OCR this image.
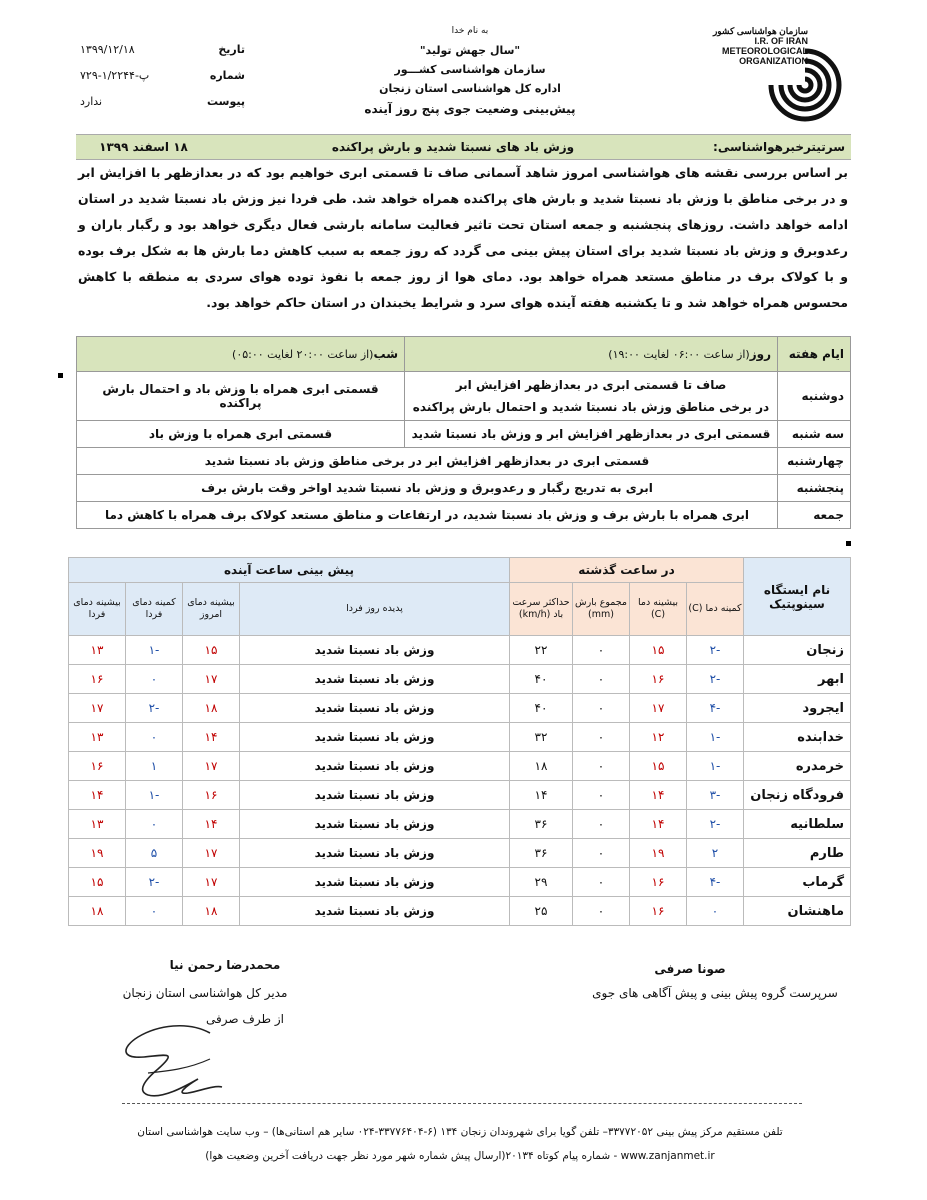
سازمان هواشناسی کشور
I.R. OF IRAN
METEOROLOGICAL
ORGANIZATION
به نام خدا
"سال جهش تولید"
سازمان هواشناسی کشـــور
اداره کل هواشناسی استان زنجان
پیش‌بینی وضعیت جوی پنج روز آینده
تاریخ
۱۳۹۹/۱۲/۱۸
شماره
۷۲۹-۱/۲۲۴۴-پ
پیوست
ندارد
سرتیترخبرهواشناسی:
وزش باد های نسبتا شدید و بارش پراکنده
۱۸ اسفند ۱۳۹۹
بر اساس بررسی نقشه های هواشناسی امروز شاهد آسمانی صاف تا قسمتی ابری خواهیم بود که در بعدازظهر با افزایش ابر و در برخی مناطق با وزش باد نسبتا شدید و بارش های پراکنده همراه خواهد شد. طی فردا نیز وزش باد نسبتا شدید در استان ادامه خواهد داشت. روزهای پنجشنبه و جمعه استان تحت تاثیر فعالیت سامانه بارشی فعال دیگری خواهد بود و رگبار باران و رعدوبرق و وزش باد نسبتا شدید برای استان پیش بینی می گردد که روز جمعه به سبب کاهش دما بارش ها به شکل برف بوده و با کولاک برف در مناطق مستعد همراه خواهد بود. دمای هوا از روز جمعه با نفوذ توده هوای سردی به منطقه با کاهش محسوس همراه خواهد شد و تا یکشنبه هفته آینده هوای سرد و شرایط یخبندان در استان حاکم خواهد بود.
ایام هفته	روز(از ساعت ۰۶:۰۰ لغایت ۱۹:۰۰)	شب(از ساعت ۲۰:۰۰ لغایت ۰۵:۰۰)
دوشنبه	صاف تا قسمتی ابری در بعدازظهر افزایش ابر
در برخی مناطق وزش باد نسبتا شدید و احتمال بارش پراکنده	قسمتی ابری همراه با وزش باد و احتمال بارش پراکنده
سه شنبه	قسمتی ابری در بعدازظهر افزایش ابر و وزش باد نسبتا شدید	قسمتی ابری همراه با وزش باد
چهارشنبه	قسمتی ابری در بعدازظهر افزایش ابر در برخی مناطق وزش باد نسبتا شدید	
پنجشنبه	ابری به تدریج رگبار و رعدوبرق و وزش باد نسبتا شدید اواخر وقت بارش برف	
جمعه	ابری همراه با بارش برف و وزش باد نسبتا شدید، در ارتفاعات و مناطق مستعد کولاک برف همراه با کاهش دما	
نام ایستگاه سینوپتیک	در ساعت گذشته				پیش بینی ساعت آینده			
	کمینه دما (C)	بیشینه دما (C)	مجموع بارش (mm)	حداکثر سرعت باد (km/h)	پدیده روز فردا	بیشینه دمای امروز	کمینه دمای فردا	بیشینه دمای فردا
زنجان	-۲	۱۵	۰	۲۲	وزش باد نسبتا شدید	۱۵	-۱	۱۳
ابهر	-۲	۱۶	۰	۴۰	وزش باد نسبتا شدید	۱۷	۰	۱۶
ایجرود	-۴	۱۷	۰	۴۰	وزش باد نسبتا شدید	۱۸	-۲	۱۷
خدابنده	-۱	۱۲	۰	۳۲	وزش باد نسبتا شدید	۱۴	۰	۱۳
خرمدره	-۱	۱۵	۰	۱۸	وزش باد نسبتا شدید	۱۷	۱	۱۶
فرودگاه زنجان	-۳	۱۴	۰	۱۴	وزش باد نسبتا شدید	۱۶	-۱	۱۴
سلطانیه	-۲	۱۴	۰	۳۶	وزش باد نسبتا شدید	۱۴	۰	۱۳
طارم	۲	۱۹	۰	۳۶	وزش باد نسبتا شدید	۱۷	۵	۱۹
گرماب	-۴	۱۶	۰	۲۹	وزش باد نسبتا شدید	۱۷	-۲	۱۵
ماهنشان	۰	۱۶	۰	۲۵	وزش باد نسبتا شدید	۱۸	۰	۱۸
صونا صرفی
سرپرست گروه پیش بینی و پیش آگاهی های جوی
محمدرضا رحمن نیا
مدیر کل هواشناسی استان زنجان
از طرف صرفی
تلفن مستقیم مرکز پیش بینی ۳۳۷۷۲۰۵۲– تلفن گویا برای شهروندان زنجان ۱۳۴ (۶-۳۳۷۷۶۴۰۴-۰۲۴ سایر هم استانی‌ها) – وب سایت هواشناسی استان
www.zanjanmet.ir - شماره پیام کوتاه ۲۰۱۳۴(ارسال پیش شماره شهر مورد نظر جهت دریافت آخرین وضعیت هوا)
